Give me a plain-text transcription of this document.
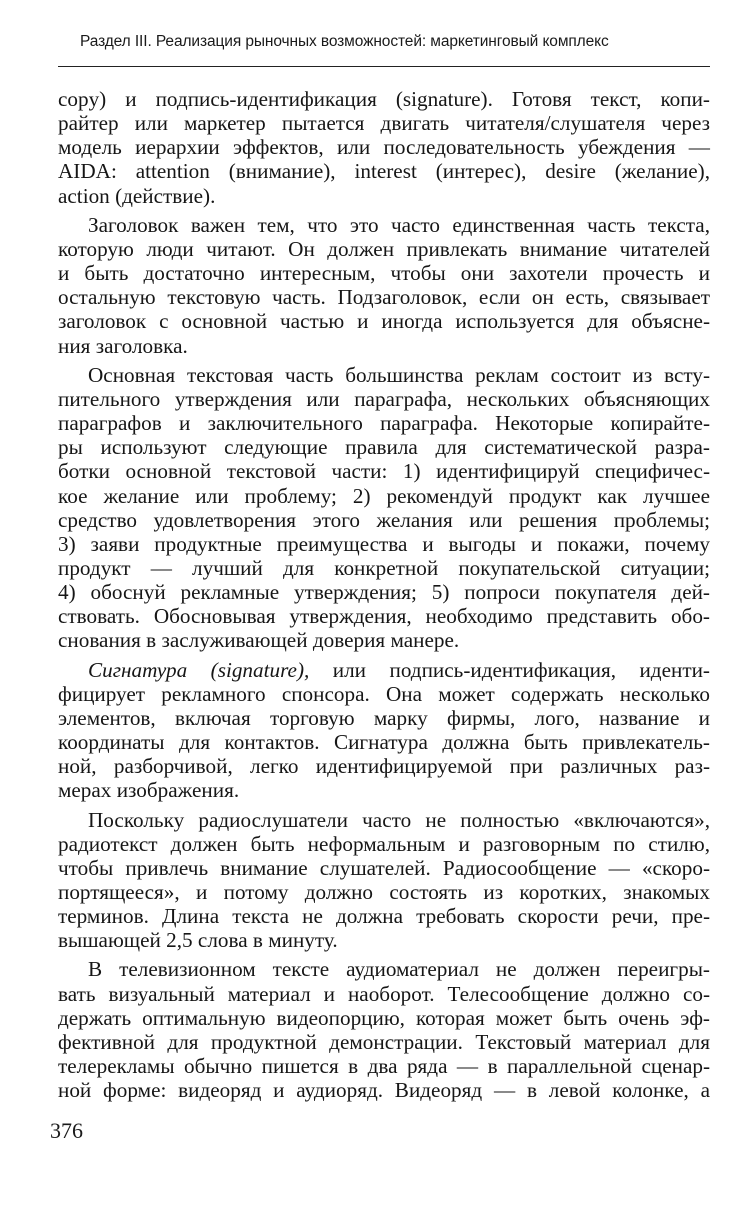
Раздел III. Реализация рыночных возможностей: маркетинговый комплекс

copy) и подпись-идентификация (signature). Готовя текст, копи-
райтер или маркетер пытается двигать читателя/слушателя через
модель иерархии эффектов, или последовательность убеждения —
AIDA: attention (внимание), interest (интерес), desire (желание),
action (действие).

Заголовок важен тем, что это часто единственная часть текста,
которую люди читают. Он должен привлекать внимание читателей
и быть достаточно интересным, чтобы они захотели прочесть и
остальную текстовую часть. Подзаголовок, если он есть, связывает
заголовок с основной частью и иногда используется для объясне-
ния заголовка.

Основная текстовая часть большинства реклам состоит из всту-
пительного утверждения или параграфа, нескольких объясняющих
параграфов и заключительного параграфа. Некоторые копирайте-
ры используют следующие правила для систематической разра-
ботки основной текстовой части: 1) идентифицируй специфичес-
кое желание или проблему; 2) рекомендуй продукт как лучшее
средство удовлетворения этого желания или решения проблемы;
3) заяви продуктные преимущества и выгоды и покажи, почему
продукт — лучший для конкретной покупательской ситуации;
4) обоснуй рекламные утверждения; 5) попроси покупателя дей-
ствовать. Обосновывая утверждения, необходимо представить обо-
снования в заслуживающей доверия манере.

Сигнатура (signature), или подпись-идентификация, иденти-
фицирует рекламного спонсора. Она может содержать несколько
элементов, включая торговую марку фирмы, лого, название и
координаты для контактов. Сигнатура должна быть привлекатель-
ной, разборчивой, легко идентифицируемой при различных раз-
мерах изображения.

Поскольку радиослушатели часто не полностью «включаются»,
радиотекст должен быть неформальным и разговорным по стилю,
чтобы привлечь внимание слушателей. Радиосообщение — «скоро-
портящееся», и потому должно состоять из коротких, знакомых
терминов. Длина текста не должна требовать скорости речи, пре-
вышающей 2,5 слова в минуту.

В телевизионном тексте аудиоматериал не должен переигры-
вать визуальный материал и наоборот. Телесообщение должно со-
держать оптимальную видеопорцию, которая может быть очень эф-
фективной для продуктной демонстрации. Текстовый материал для
телерекламы обычно пишется в два ряда — в параллельной сценар-
ной форме: видеоряд и аудиоряд. Видеоряд — в левой колонке, а

376
